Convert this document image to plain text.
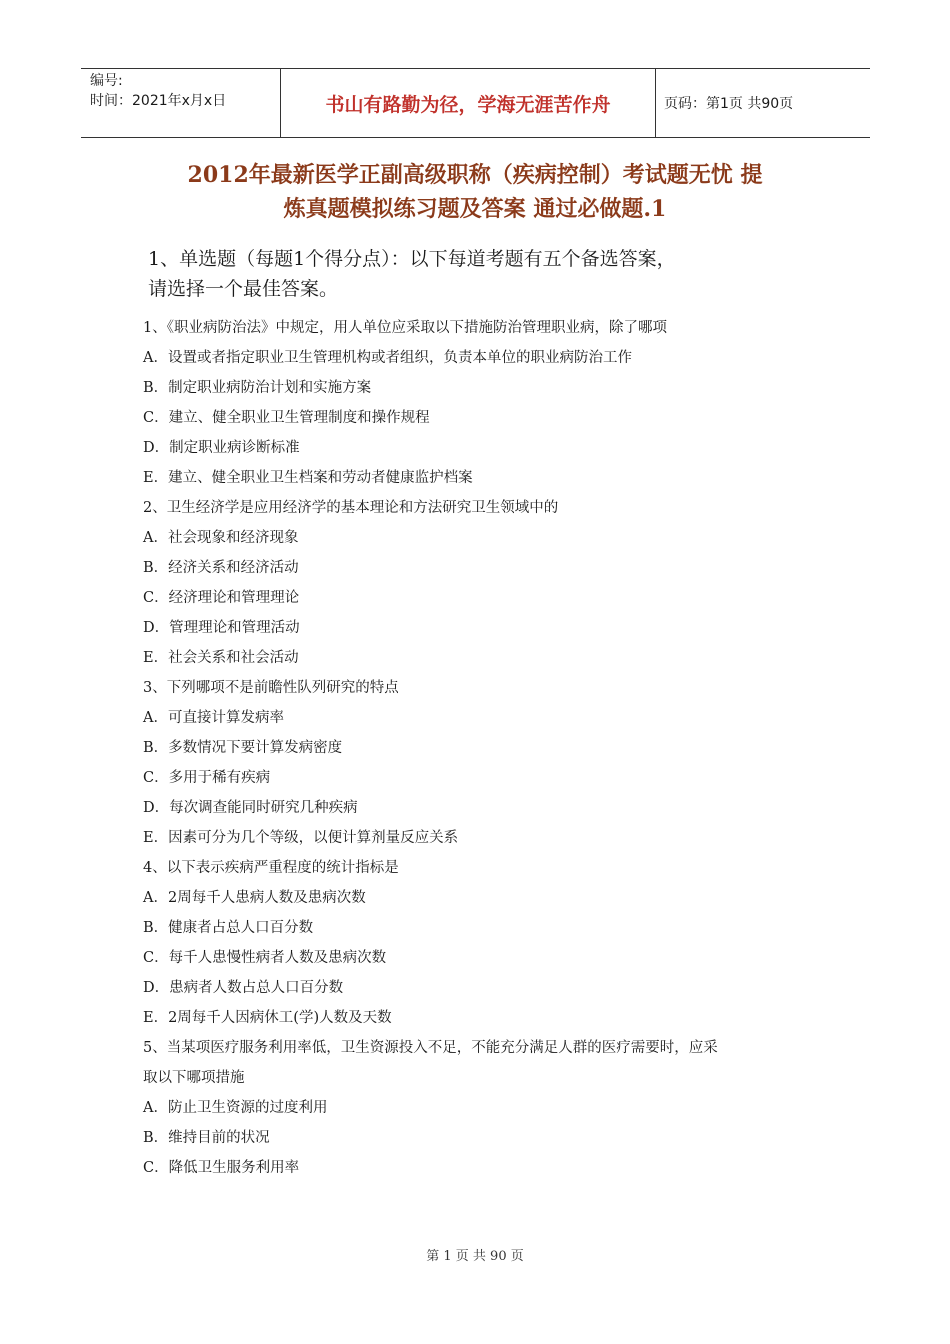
编号:
时间：2021年x月x日	书山有路勤为径，学海无涯苦作舟	页码：第1页 共90页
2012年最新医学正副高级职称（疾病控制）考试题无忧 提
炼真题模拟练习题及答案 通过必做题.1
1、单选题（每题1个得分点）：以下每道考题有五个备选答案，
请选择一个最佳答案。
1、《职业病防治法》中规定，用人单位应采取以下措施防治管理职业病，除了哪项
A．设置或者指定职业卫生管理机构或者组织，负责本单位的职业病防治工作
B．制定职业病防治计划和实施方案
C．建立、健全职业卫生管理制度和操作规程
D．制定职业病诊断标准
E．建立、健全职业卫生档案和劳动者健康监护档案
2、卫生经济学是应用经济学的基本理论和方法研究卫生领域中的
A．社会现象和经济现象
B．经济关系和经济活动
C．经济理论和管理理论
D．管理理论和管理活动
E．社会关系和社会活动
3、下列哪项不是前瞻性队列研究的特点
A．可直接计算发病率
B．多数情况下要计算发病密度
C．多用于稀有疾病
D．每次调查能同时研究几种疾病
E．因素可分为几个等级，以便计算剂量反应关系
4、以下表示疾病严重程度的统计指标是
A．2周每千人患病人数及患病次数
B．健康者占总人口百分数
C．每千人患慢性病者人数及患病次数
D．患病者人数占总人口百分数
E．2周每千人因病休工(学)人数及天数
5、当某项医疗服务利用率低，卫生资源投入不足，不能充分满足人群的医疗需要时，应采
取以下哪项措施
A．防止卫生资源的过度利用
B．维持目前的状况
C．降低卫生服务利用率
第 1 页 共 90 页
